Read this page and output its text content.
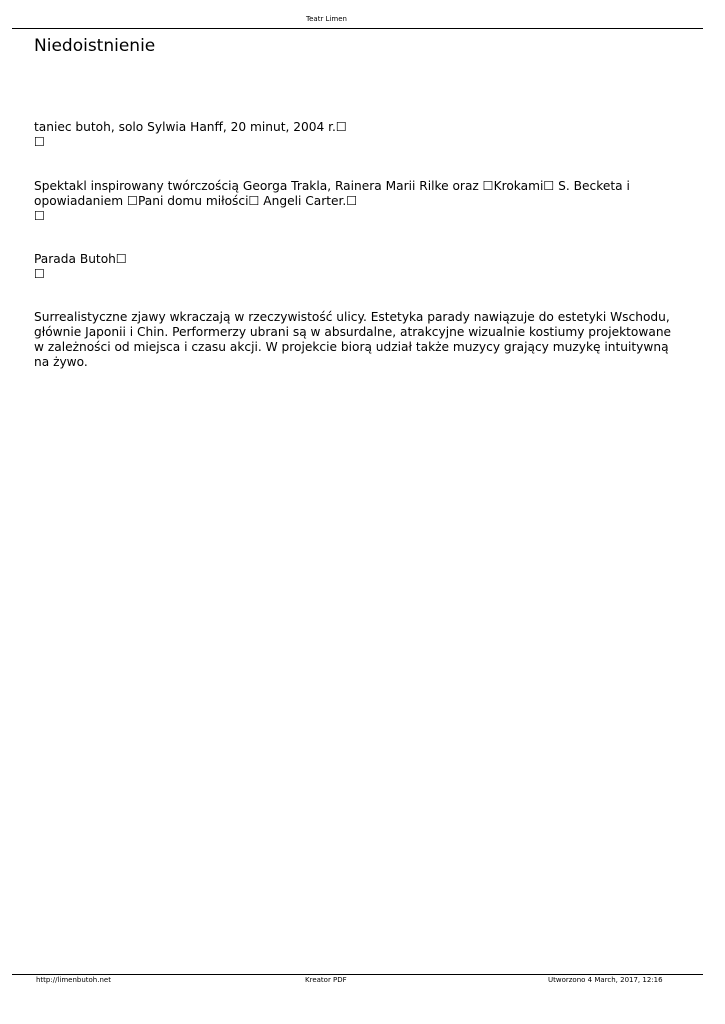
Teatr Limen
Niedoistnienie

taniec butoh, solo Sylwia Hanff, 20 minut, 2004 r.☐
☐

Spektakl inspirowany twórczością Georga Trakla, Rainera Marii Rilke oraz ☐Krokami☐ S. Becketa i
opowiadaniem ☐Pani domu miłości☐ Angeli Carter.☐
☐

Parada Butoh☐
☐

Surrealistyczne zjawy wkraczają w rzeczywistość ulicy. Estetyka parady nawiązuje do estetyki Wschodu,
głównie Japonii i Chin. Performerzy ubrani są w absurdalne, atrakcyjne wizualnie kostiumy projektowane
w zależności od miejsca i czasu akcji. W projekcie biorą udział także muzycy grający muzykę intuitywną
na żywo.

http://limenbutoh.net	Kreator PDF	Utworzono 4 March, 2017, 12:16
